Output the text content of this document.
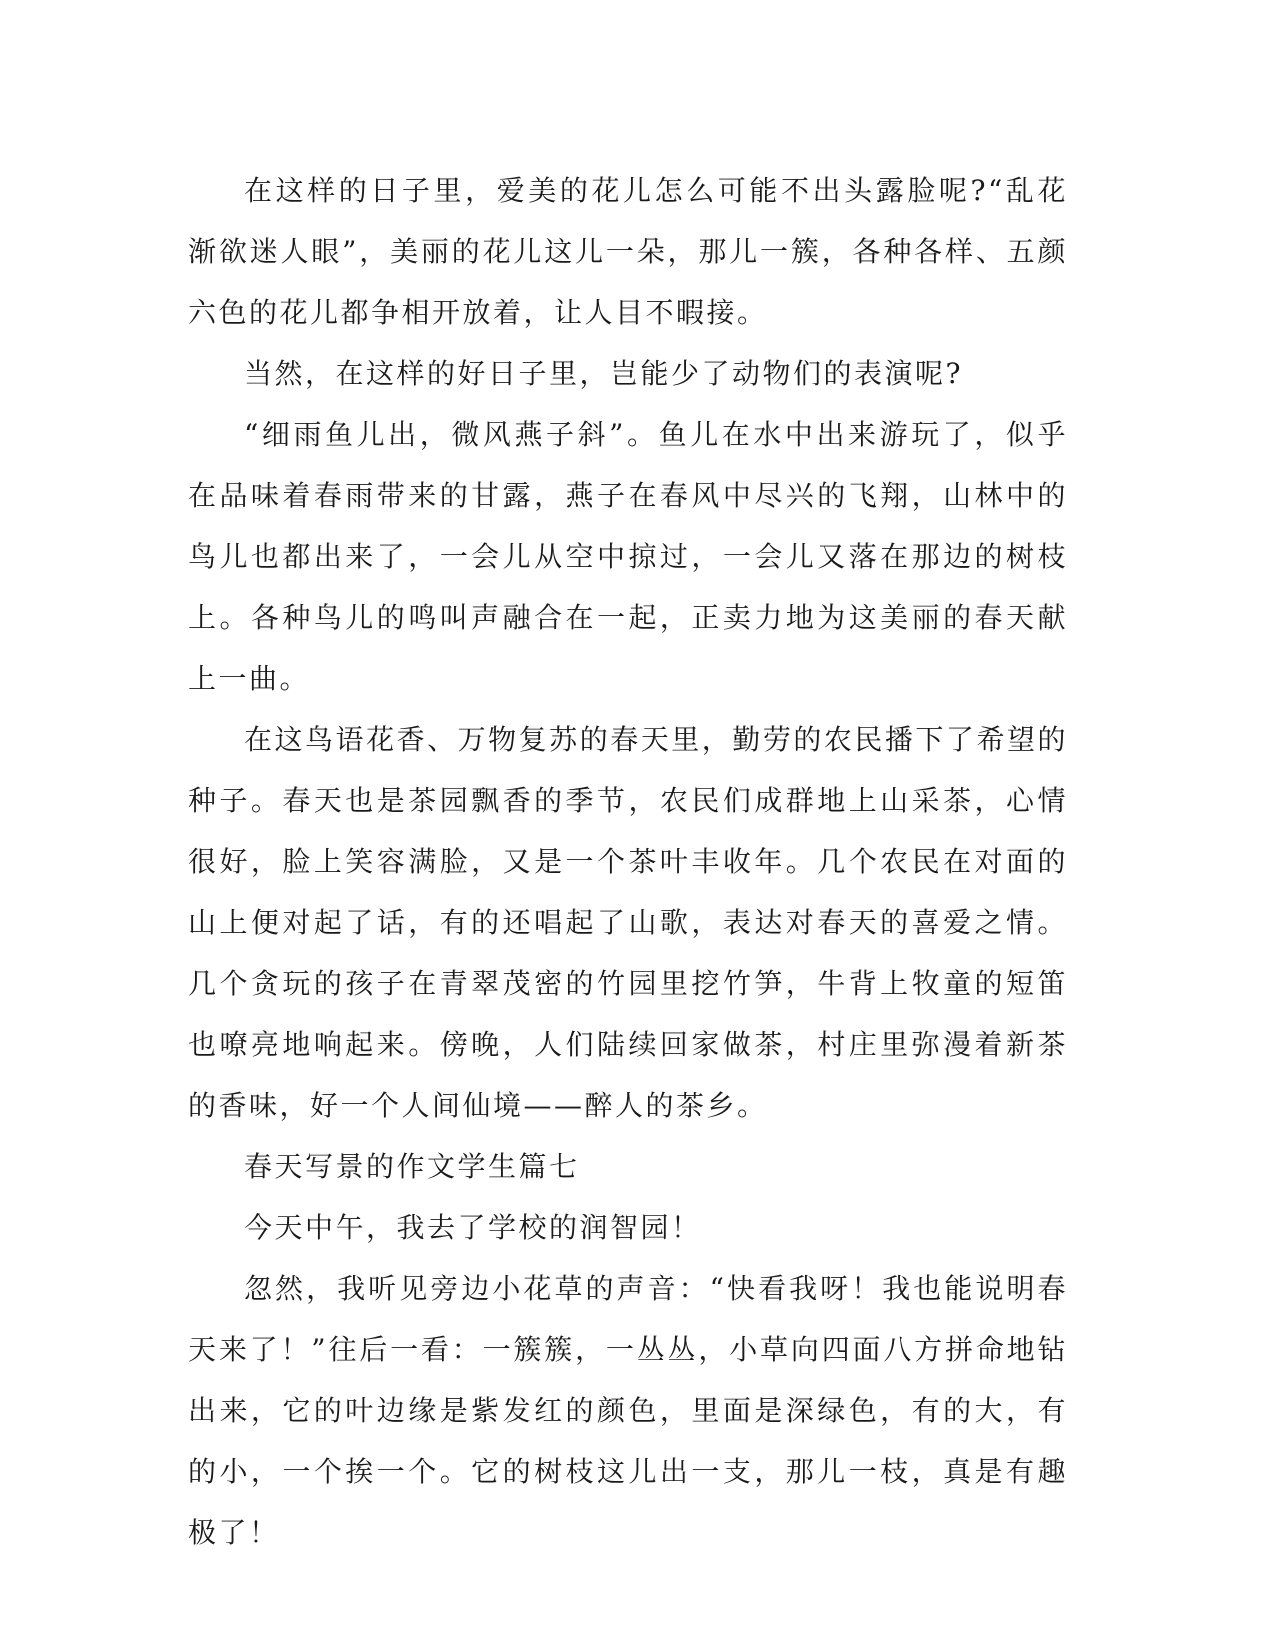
在这样的日子里，爱美的花儿怎么可能不出头露脸呢?“乱花渐欲迷人眼”，美丽的花儿这儿一朵，那儿一簇，各种各样、五颜六色的花儿都争相开放着，让人目不暇接。

当然，在这样的好日子里，岂能少了动物们的表演呢?

“细雨鱼儿出，微风燕子斜”。鱼儿在水中出来游玩了，似乎在品味着春雨带来的甘露，燕子在春风中尽兴的飞翔，山林中的鸟儿也都出来了，一会儿从空中掠过，一会儿又落在那边的树枝上。各种鸟儿的鸣叫声融合在一起，正卖力地为这美丽的春天献上一曲。

在这鸟语花香、万物复苏的春天里，勤劳的农民播下了希望的种子。春天也是茶园飘香的季节，农民们成群地上山采茶，心情很好，脸上笑容满脸，又是一个茶叶丰收年。几个农民在对面的山上便对起了话，有的还唱起了山歌，表达对春天的喜爱之情。几个贪玩的孩子在青翠茂密的竹园里挖竹笋，牛背上牧童的短笛也嘹亮地响起来。傍晚，人们陆续回家做茶，村庄里弥漫着新茶的香味，好一个人间仙境——醉人的茶乡。

春天写景的作文学生篇七

今天中午，我去了学校的润智园！

忽然，我听见旁边小花草的声音：“快看我呀！我也能说明春天来了！”往后一看：一簇簇，一丛丛，小草向四面八方拼命地钻出来，它的叶边缘是紫发红的颜色，里面是深绿色，有的大，有的小，一个挨一个。它的树枝这儿出一支，那儿一枝，真是有趣极了！
